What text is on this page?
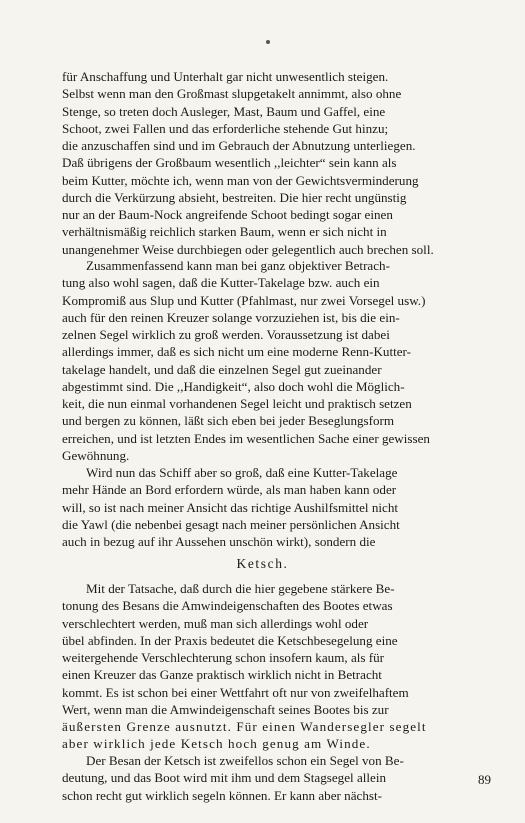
für Anschaffung und Unterhalt gar nicht unwesentlich steigen.
Selbst wenn man den Großmast slupgetakelt annimmt, also ohne
Stenge, so treten doch Ausleger, Mast, Baum und Gaffel, eine
Schoot, zwei Fallen und das erforderliche stehende Gut hinzu;
die anzuschaffen sind und im Gebrauch der Abnutzung unterliegen.
Daß übrigens der Großbaum wesentlich ,,leichter“ sein kann als
beim Kutter, möchte ich, wenn man von der Gewichtsverminderung
durch die Verkürzung absieht, bestreiten. Die hier recht ungünstig
nur an der Baum-Nock angreifende Schoot bedingt sogar einen
verhältnismäßig reichlich starken Baum, wenn er sich nicht in
unangenehmer Weise durchbiegen oder gelegentlich auch brechen soll.
Zusammenfassend kann man bei ganz objektiver Betrach-
tung also wohl sagen, daß die Kutter-Takelage bzw. auch ein
Kompromiß aus Slup und Kutter (Pfahlmast, nur zwei Vorsegel usw.)
auch für den reinen Kreuzer solange vorzuziehen ist, bis die ein-
zelnen Segel wirklich zu groß werden. Voraussetzung ist dabei
allerdings immer, daß es sich nicht um eine moderne Renn-Kutter-
takelage handelt, und daß die einzelnen Segel gut zueinander
abgestimmt sind. Die ,,Handigkeit“, also doch wohl die Möglich-
keit, die nun einmal vorhandenen Segel leicht und praktisch setzen
und bergen zu können, läßt sich eben bei jeder Beseglungsform
erreichen, und ist letzten Endes im wesentlichen Sache einer gewissen
Gewöhnung.
Wird nun das Schiff aber so groß, daß eine Kutter-Takelage
mehr Hände an Bord erfordern würde, als man haben kann oder
will, so ist nach meiner Ansicht das richtige Aushilfsmittel nicht
die Yawl (die nebenbei gesagt nach meiner persönlichen Ansicht
auch in bezug auf ihr Aussehen unschön wirkt), sondern die
Ketsch.
Mit der Tatsache, daß durch die hier gegebene stärkere Be-
tonung des Besans die Amwindeigenschaften des Bootes etwas
verschlechtert werden, muß man sich allerdings wohl oder
übel abfinden. In der Praxis bedeutet die Ketschbesegelung eine
weitergehende Verschlechterung schon insofern kaum, als für
einen Kreuzer das Ganze praktisch wirklich nicht in Betracht
kommt. Es ist schon bei einer Wettfahrt oft nur von zweifelhaftem
Wert, wenn man die Amwindeigenschaft seines Bootes bis zur
äußersten Grenze ausnutzt. Für einen Wandersegler segelt
aber wirklich jede Ketsch hoch genug am Winde.
Der Besan der Ketsch ist zweifellos schon ein Segel von Be-
deutung, und das Boot wird mit ihm und dem Stagsegel allein
schon recht gut wirklich segeln können. Er kann aber nächst-
89
